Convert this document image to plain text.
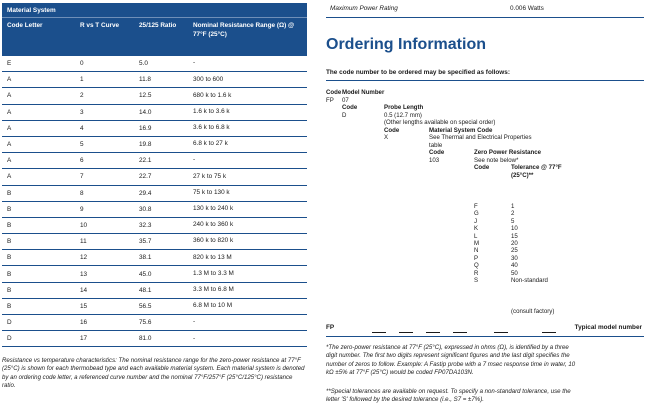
Material System
Code Letter	R vs T Curve	25/125 Ratio	Nominal Resistance Range (Ω) @ 77°F (25°C)
E	0	5.0	-
A	1	11.8	300 to 600
A	2	12.5	680 k to 1.6 k
A	3	14.0	1.6 k to 3.6 k
A	4	16.9	3.6 k to 6.8 k
A	5	19.8	6.8 k to 27 k
A	6	22.1	-
A	7	22.7	27 k to 75 k
B	8	29.4	75 k to 130 k
B	9	30.8	130 k to 240 k
B	10	32.3	240 k to 360 k
B	11	35.7	360 k to 820 k
B	12	38.1	820 k to 13 M
B	13	45.0	1.3 M to 3.3 M
B	14	48.1	3.3 M to 6.8 M
B	15	56.5	6.8 M to 10 M
D	16	75.6	-
D	17	81.0	-
Resistance vs temperature characteristics: The nominal resistance range for the zero-power resistance at 77°F (25°C) is shown for each thermobead type and each available material system. Each material system is denoted by an ordering code letter, a referenced curve number and the nominal 77°F/257°F (25°C/125°C) resistance ratio.
Maximum Power Rating	0.006 Watts
Ordering Information
The code number to be ordered may be specified as follows:
Code
FP
Model Number
07
Code
D
Probe Length
0.5 (12.7 mm)
(Other lengths available on special order)
Code
X
Material System Code
See Thermal and Electrical Properties
table
Code
103
Zero Power Resistance
See note below*
Code	Tolerance @ 77°F
(25°C)**
F	1
G	2
J	5
K	10
L	15
M	20
N	25
P	30
Q	40
R	50
S	Non-standard
(consult factory)
FP	Typical model number
*The zero-power resistance at 77°F (25°C), expressed in ohms (Ω), is identified by a three
digit number. The first two digits represent significant figures and the last digit specifies the
number of zeros to follow. Example: A Fastip probe with a 7 msec response time in water, 10
kΩ ±5% at 77°F (25°C) would be coded FP07DA103N.
**Special tolerances are available on request. To specify a non-standard tolerance, use the
letter 'S' followed by the desired tolerance (i.e., S7 = ±7%).
